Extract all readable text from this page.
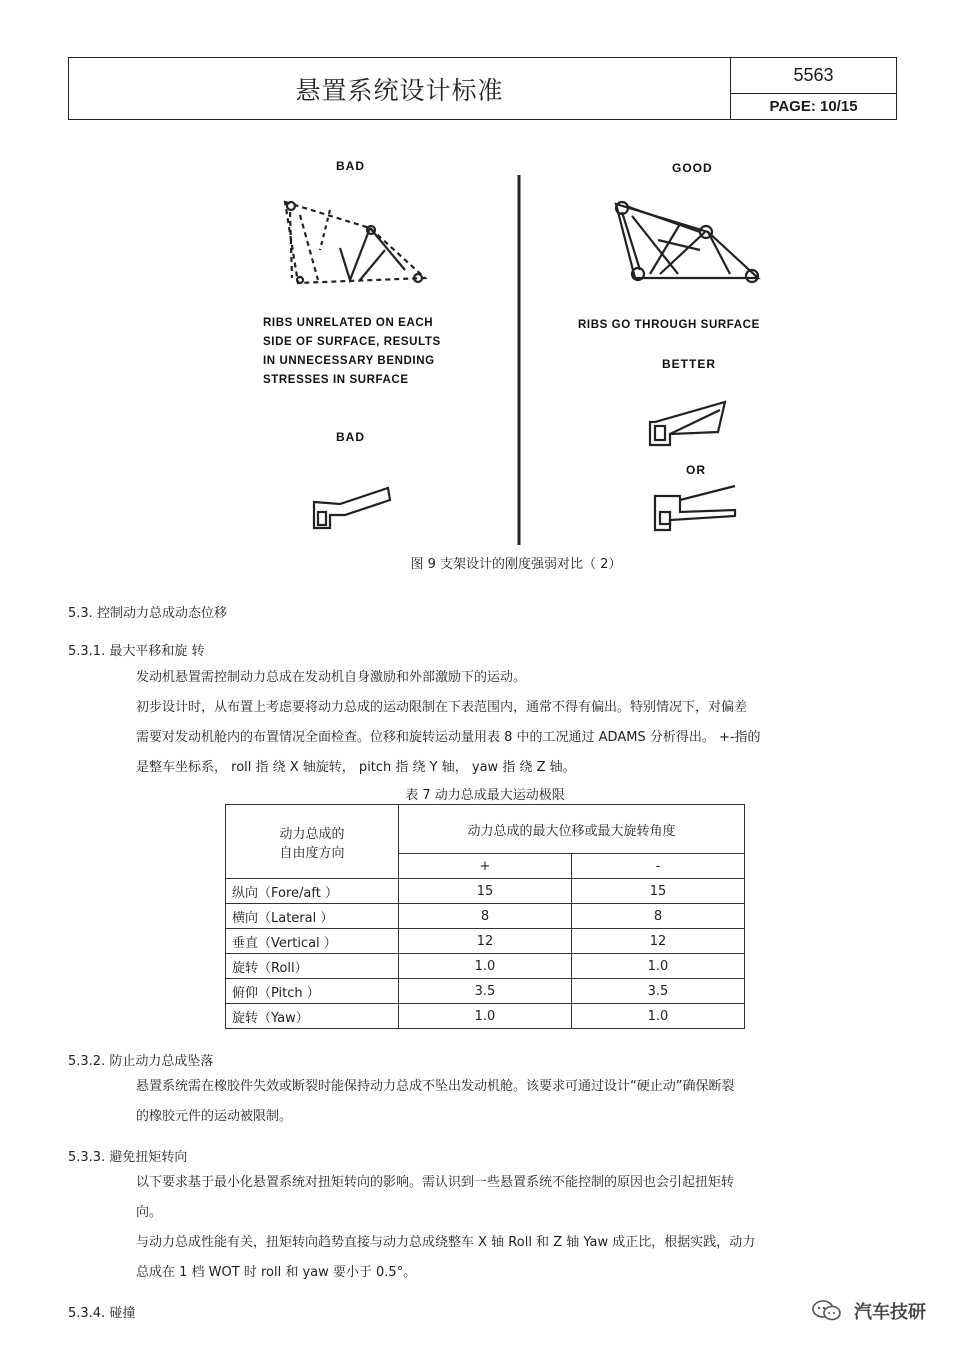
悬置系统设计标准
5563
PAGE: 10/15
BAD	GOOD
RIBS UNRELATED ON EACH
SIDE OF SURFACE, RESULTS
IN UNNECESSARY BENDING
STRESSES IN SURFACE
RIBS GO THROUGH SURFACE
BETTER
BAD
OR
图 9 支架设计的刚度强弱对比（ 2）
5.3. 控制动力总成动态位移
5.3.1. 最大平移和旋 转
发动机悬置需控制动力总成在发动机自身激励和外部激励下的运动。
初步设计时，从布置上考虑要将动力总成的运动限制在下表范围内，通常不得有偏出。特别情况下，对偏差
需要对发动机舱内的布置情况全面检查。位移和旋转运动量用表 8 中的工况通过 ADAMS 分析得出。 +-指的
是整车坐标系， roll 指 绕 X 轴旋转， pitch 指 绕 Y 轴， yaw 指 绕 Z 轴。
表 7 动力总成最大运动极限
动力总成的
自由度方向	动力总成的最大位移或最大旋转角度	
	+	-
纵向（Fore/aft ）	15	15
横向（Lateral ）	8	8
垂直（Vertical ）	12	12
旋转（Roll）	1.0	1.0
俯仰（Pitch ）	3.5	3.5
旋转（Yaw）	1.0	1.0
5.3.2. 防止动力总成坠落
悬置系统需在橡胶件失效或断裂时能保持动力总成不坠出发动机舱。该要求可通过设计“硬止动”确保断裂
的橡胶元件的运动被限制。
5.3.3. 避免扭矩转向
以下要求基于最小化悬置系统对扭矩转向的影响。需认识到一些悬置系统不能控制的原因也会引起扭矩转
向。
与动力总成性能有关，扭矩转向趋势直接与动力总成绕整车 X 轴 Roll 和 Z 轴 Yaw 成正比，根据实践，动力
总成在 1 档 WOT 时 roll 和 yaw 要小于 0.5°。
5.3.4. 碰撞	汽车技研
